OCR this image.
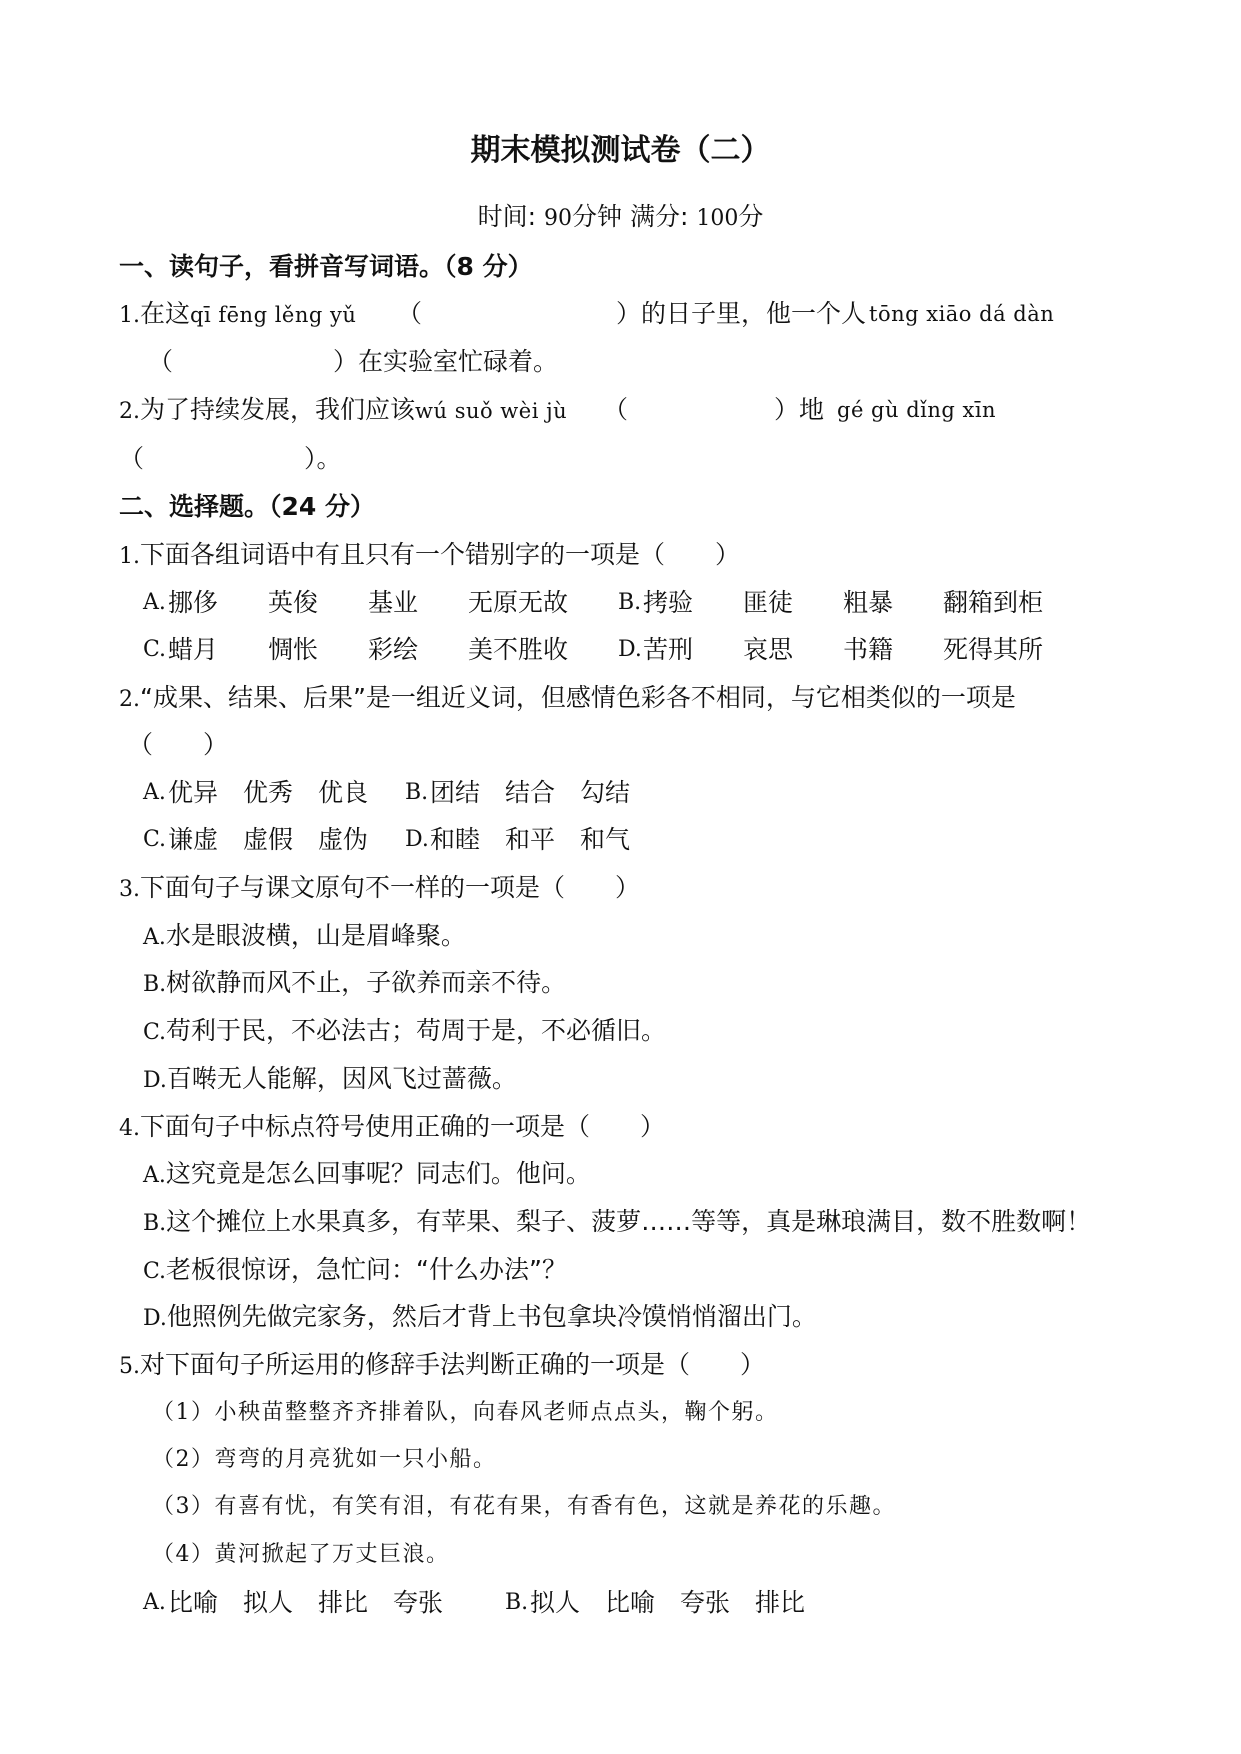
期末模拟测试卷（二）
时间: 90分钟 满分: 100分
一、读句子，看拼音写词语。（8 分）
1.在这qī fēng lěng yǔ （	）的日子里，他一个人 tōng xiāo dá dàn
（	）在实验室忙碌着。
2.为了持续发展，我们应该wú suǒ wèi jù （	）地 gé gù dǐng xīn
（	）。
二、选择题。（24 分）
1.下面各组词语中有且只有一个错别字的一项是（　　）
A. 挪侈 英俊 基业 无原无故 B. 拷验 匪徒 粗暴 翻箱到柜
C. 蜡月 惆怅 彩绘 美不胜收 D. 苦刑 哀思 书籍 死得其所
2.“成果、结果、后果”是一组近义词，但感情色彩各不相同，与它相类似的一项是
（　　）
A. 优异 优秀 优良 B. 团结 结合 勾结
C. 谦虚 虚假 虚伪 D. 和睦 和平 和气
3.下面句子与课文原句不一样的一项是（　　）
A.水是眼波横，山是眉峰聚。
B.树欲静而风不止，子欲养而亲不待。
C.苟利于民，不必法古；苟周于是，不必循旧。
D.百啭无人能解，因风飞过蔷薇。
4.下面句子中标点符号使用正确的一项是（　　）
A.这究竟是怎么回事呢？同志们。他问。
B.这个摊位上水果真多，有苹果、梨子、菠萝……等等，真是琳琅满目，数不胜数啊！
C.老板很惊讶，急忙问：“什么办法”？
D.他照例先做完家务，然后才背上书包拿块冷馍悄悄溜出门。
5.对下面句子所运用的修辞手法判断正确的一项是（　　）
（1）小秧苗整整齐齐排着队，向春风老师点点头，鞠个躬。
（2）弯弯的月亮犹如一只小船。
（3）有喜有忧，有笑有泪，有花有果，有香有色，这就是养花的乐趣。
（4）黄河掀起了万丈巨浪。
A. 比喻 拟人 排比 夸张	B. 拟人 比喻 夸张 排比
